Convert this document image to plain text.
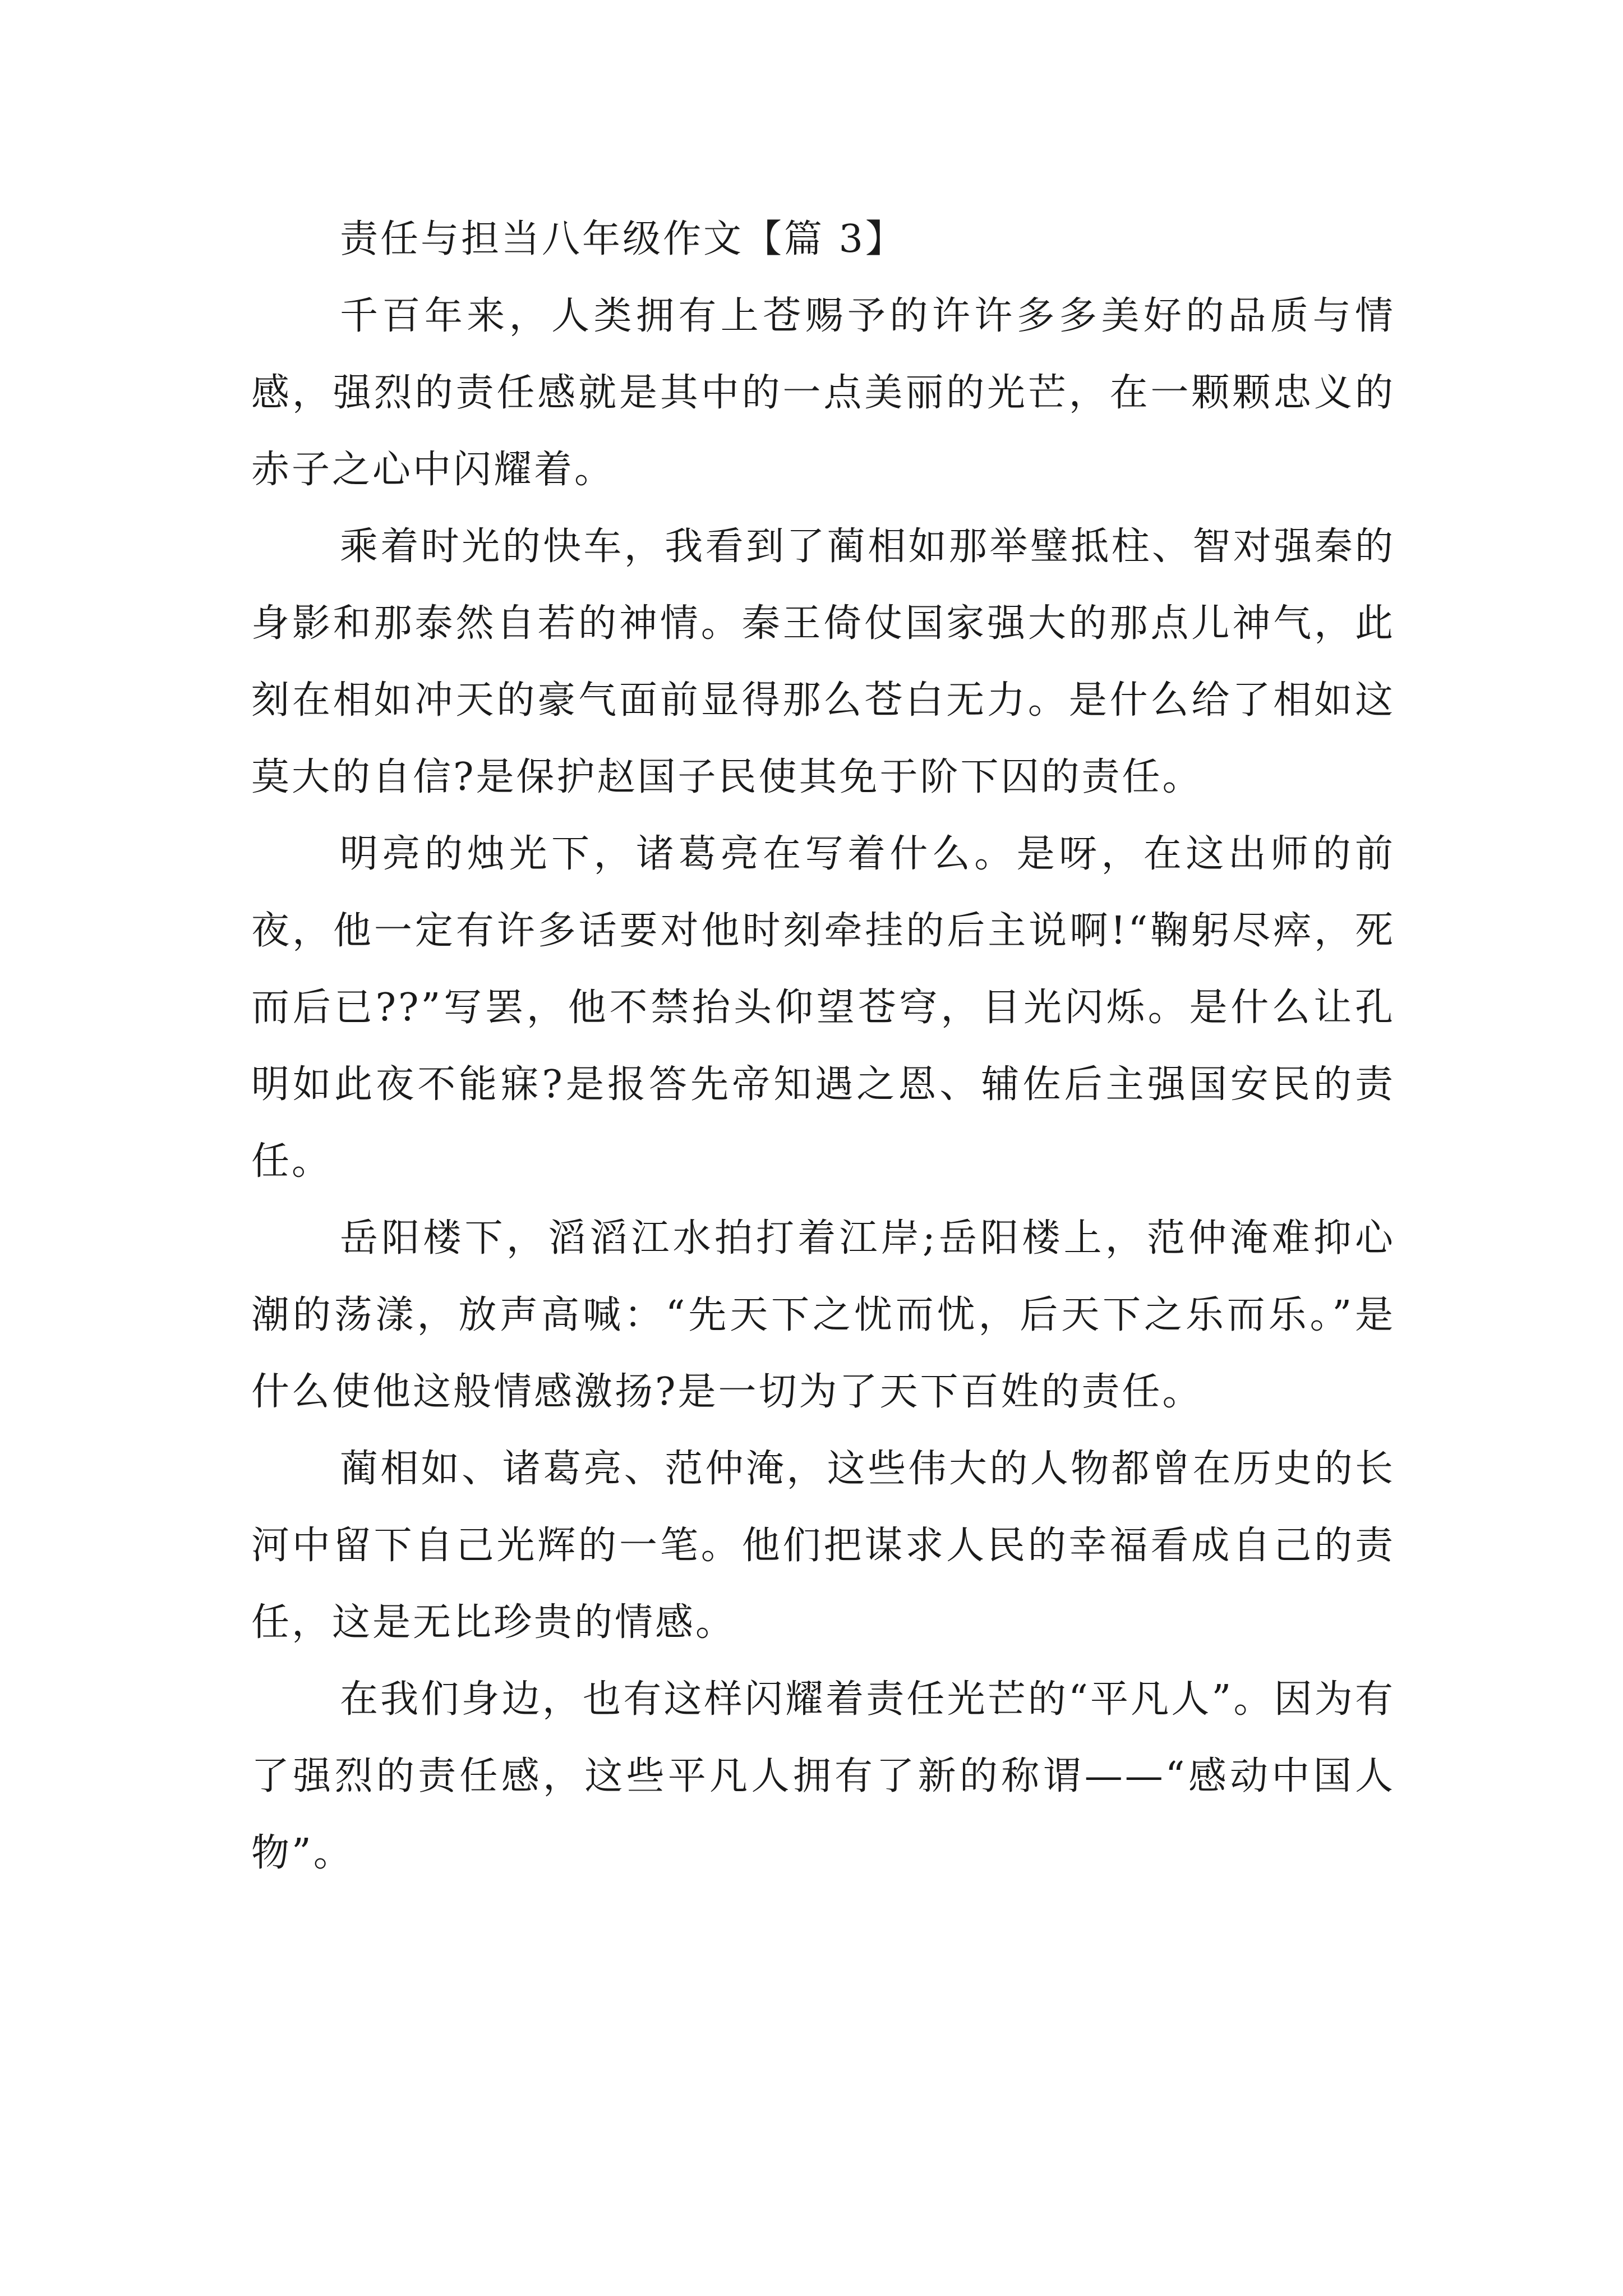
责任与担当八年级作文【篇 3】

千百年来，人类拥有上苍赐予的许许多多美好的品质与情感，强烈的责任感就是其中的一点美丽的光芒，在一颗颗忠义的赤子之心中闪耀着。

乘着时光的快车，我看到了蔺相如那举璧抵柱、智对强秦的身影和那泰然自若的神情。秦王倚仗国家强大的那点儿神气，此刻在相如冲天的豪气面前显得那么苍白无力。是什么给了相如这莫大的自信?是保护赵国子民使其免于阶下囚的责任。

明亮的烛光下，诸葛亮在写着什么。是呀，在这出师的前夜，他一定有许多话要对他时刻牵挂的后主说啊!“鞠躬尽瘁，死而后已??”写罢，他不禁抬头仰望苍穹，目光闪烁。是什么让孔明如此夜不能寐?是报答先帝知遇之恩、辅佐后主强国安民的责任。

岳阳楼下，滔滔江水拍打着江岸;岳阳楼上，范仲淹难抑心潮的荡漾，放声高喊：“先天下之忧而忧，后天下之乐而乐。”是什么使他这般情感激扬?是一切为了天下百姓的责任。

蔺相如、诸葛亮、范仲淹，这些伟大的人物都曾在历史的长河中留下自己光辉的一笔。他们把谋求人民的幸福看成自己的责任，这是无比珍贵的情感。

在我们身边，也有这样闪耀着责任光芒的“平凡人”。因为有了强烈的责任感，这些平凡人拥有了新的称谓——“感动中国人物”。
